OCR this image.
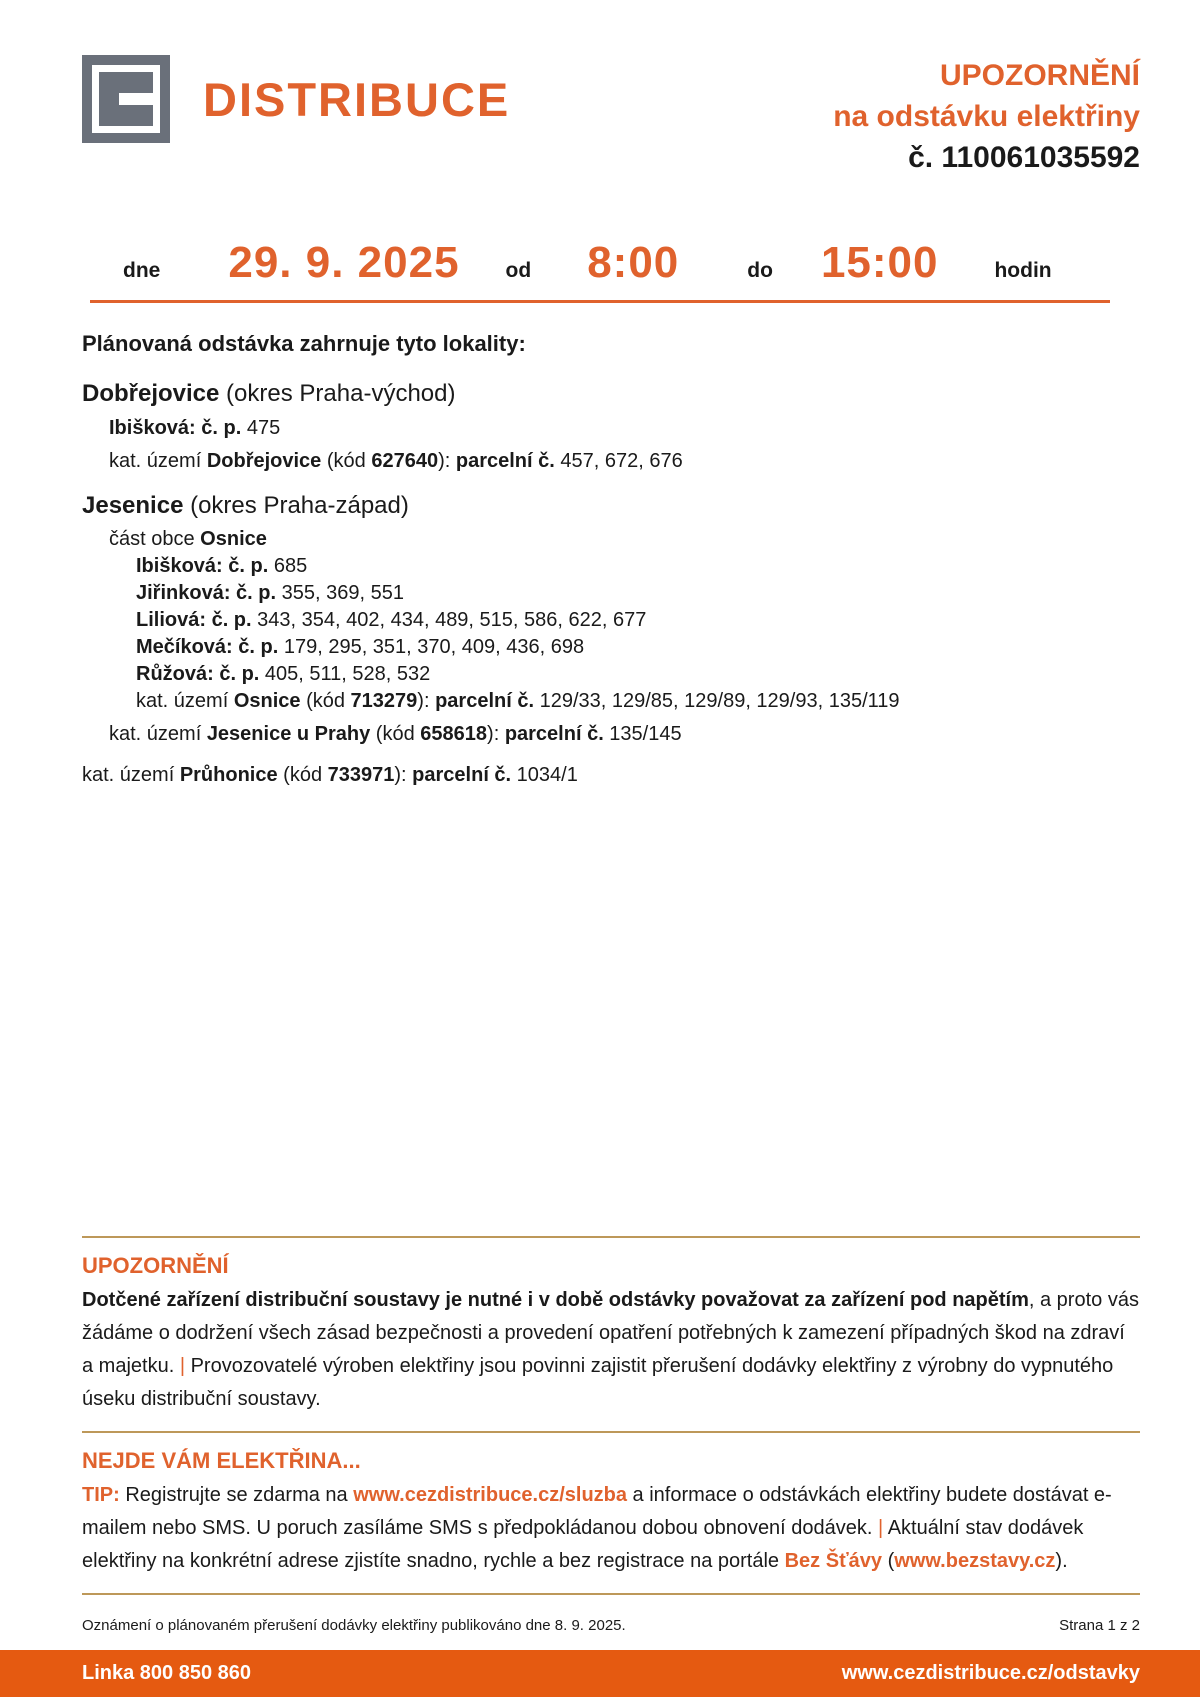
DISTRIBUCE	UPOZORNĚNÍ
na odstávku elektřiny
č. 110061035592
dne 29. 9. 2025 od 8:00	do 15:00	hodin
Plánovaná odstávka zahrnuje tyto lokality:
Dobřejovice (okres Praha-východ)
Ibišková: č. p. 475
kat. území Dobřejovice (kód 627640): parcelní č. 457, 672, 676
Jesenice (okres Praha-západ)
část obce Osnice
Ibišková: č. p. 685
Jiřinková: č. p. 355, 369, 551
Liliová: č. p. 343, 354, 402, 434, 489, 515, 586, 622, 677
Mečíková: č. p. 179, 295, 351, 370, 409, 436, 698
Růžová: č. p. 405, 511, 528, 532
kat. území Osnice (kód 713279): parcelní č. 129/33, 129/85, 129/89, 129/93, 135/119
kat. území Jesenice u Prahy (kód 658618): parcelní č. 135/145
kat. území Průhonice (kód 733971): parcelní č. 1034/1
UPOZORNĚNÍ

Dotčené zařízení distribuční soustavy je nutné i v době odstávky považovat za zařízení pod napětím, a proto vás žádáme o dodržení všech zásad bezpečnosti a provedení opatření potřebných k zamezení případných škod na zdraví a majetku. | Provozovatelé výroben elektřiny jsou povinni zajistit přerušení dodávky elektřiny z výrobny do vypnutého úseku distribuční soustavy.

NEJDE VÁM ELEKTŘINA...

TIP: Registrujte se zdarma na www.cezdistribuce.cz/sluzba a informace o odstávkách elektřiny budete dostávat e-mailem nebo SMS. U poruch zasíláme SMS s předpokládanou dobou obnovení dodávek. | Aktuální stav dodávek elektřiny na konkrétní adrese zjistíte snadno, rychle a bez registrace na portále Bez Šťávy (www.bezstavy.cz).

Oznámení o plánovaném přerušení dodávky elektřiny publikováno dne 8. 9. 2025.	Strana 1 z 2
Linka 800 850 860	www.cezdistribuce.cz/odstavky
